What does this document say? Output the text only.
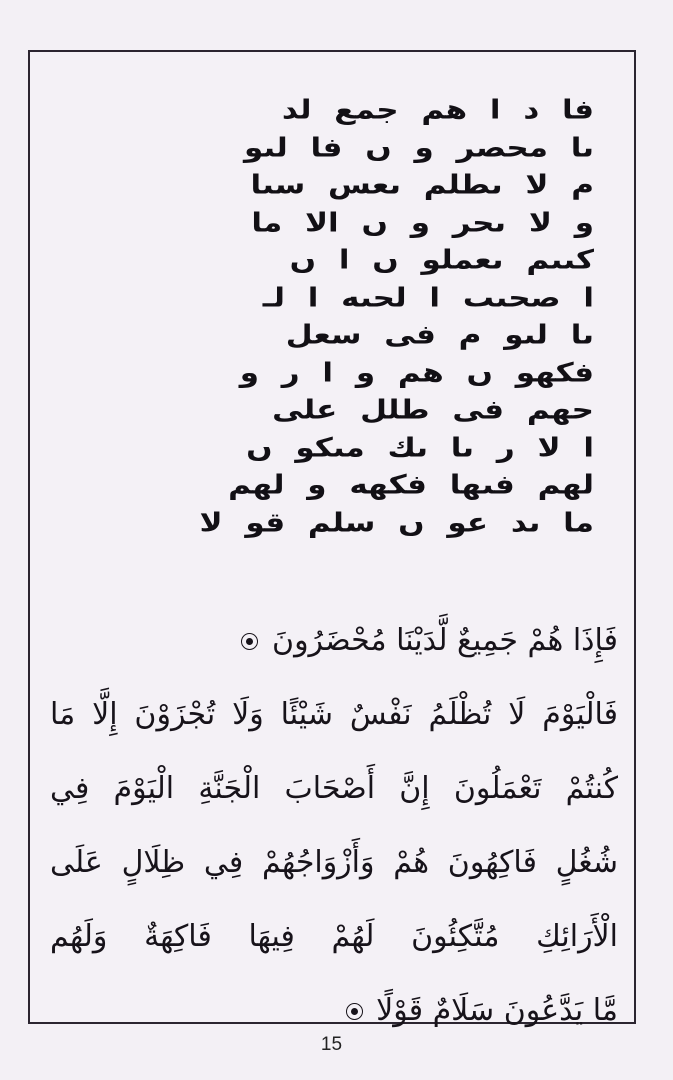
فا د ا هم جمع لد
ىا محصر و ں فا لىو
م لا ىطلم ىعس سىا
و لا ىحر و ں الا ما
كىىم ىعملو ں ا ں
ا صحىٮ ا لحىه ا لـ
ىا لىو م فى سعل
فكهو ں هم و ا ر و
حهم فى طلل على
ا لا ر ىا ىك مىكو ں
لهم فىها فكهه و لهم
ما ىد عو ں سلم قو لا
فَإِذَا هُمْ جَمِيعٌ لَّدَيْنَا مُحْضَرُونَ
فَالْيَوْمَ لَا تُظْلَمُ نَفْسٌ شَيْئًا وَلَا تُجْزَوْنَ إِلَّا مَا
كُنتُمْ تَعْمَلُونَ إِنَّ أَصْحَابَ الْجَنَّةِ الْيَوْمَ فِي
شُغُلٍ فَاكِهُونَ هُمْ وَأَزْوَاجُهُمْ فِي ظِلَالٍ عَلَى
الْأَرَائِكِ مُتَّكِئُونَ لَهُمْ فِيهَا فَاكِهَةٌ وَلَهُم
مَّا يَدَّعُونَ سَلَامٌ قَوْلًا
15
